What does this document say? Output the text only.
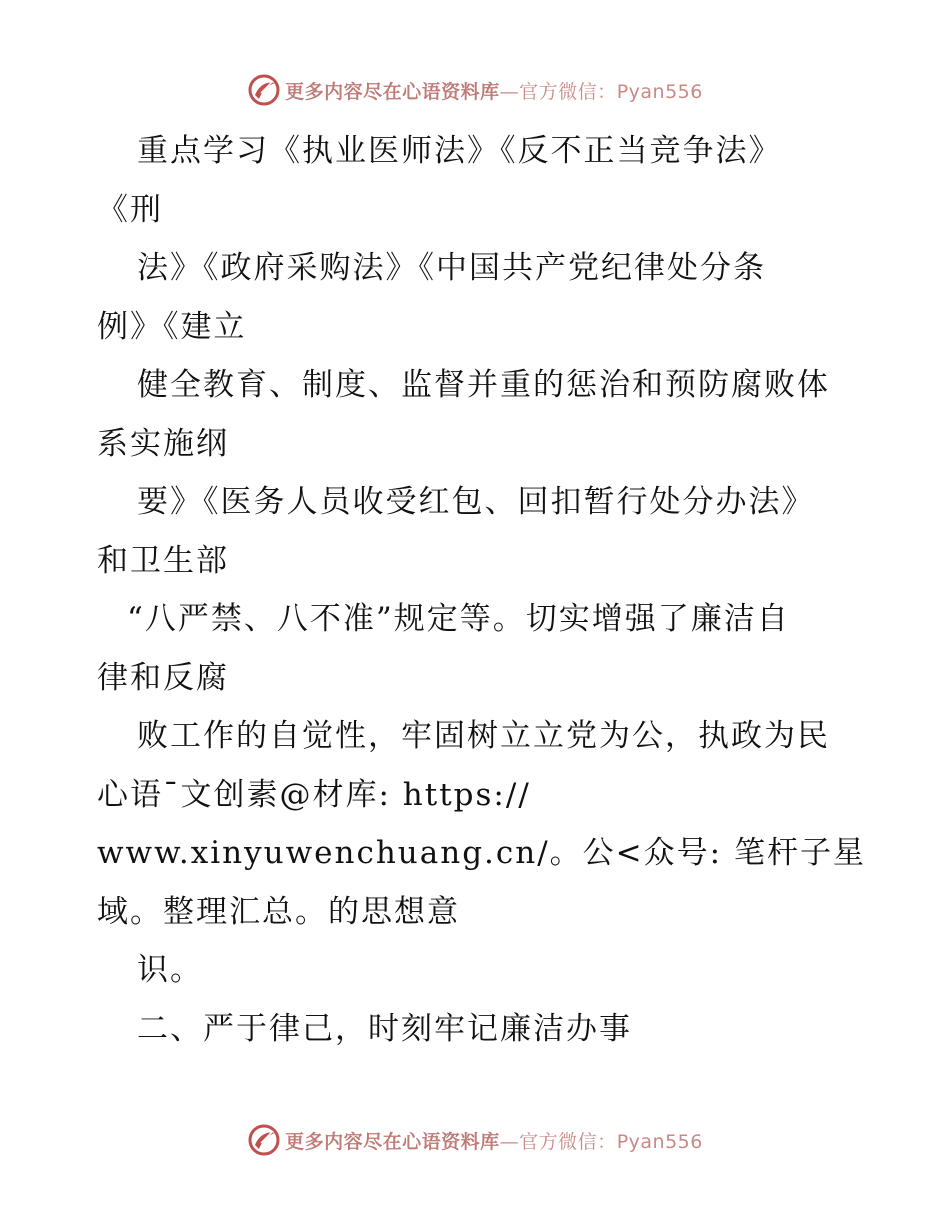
更多内容尽在心语资料库—官方微信：Pyan556
重点学习《执业医师法》《反不正当竞争法》
《刑
法》《政府采购法》《中国共产党纪律处分条
例》《建立
健全教育、制度、监督并重的惩治和预防腐败体
系实施纲
要》《医务人员收受红包、回扣暂行处分办法》
和卫生部
“八严禁、八不准”规定等。切实增强了廉洁自
律和反腐
败工作的自觉性，牢固树立立党为公，执政为民
心语¯文创素@材库: https://
www.xinyuwenchuang.cn/。公<众号: 笔杆子星
域。整理汇总。的思想意
识。
二、严于律己，时刻牢记廉洁办事
更多内容尽在心语资料库—官方微信：Pyan556
